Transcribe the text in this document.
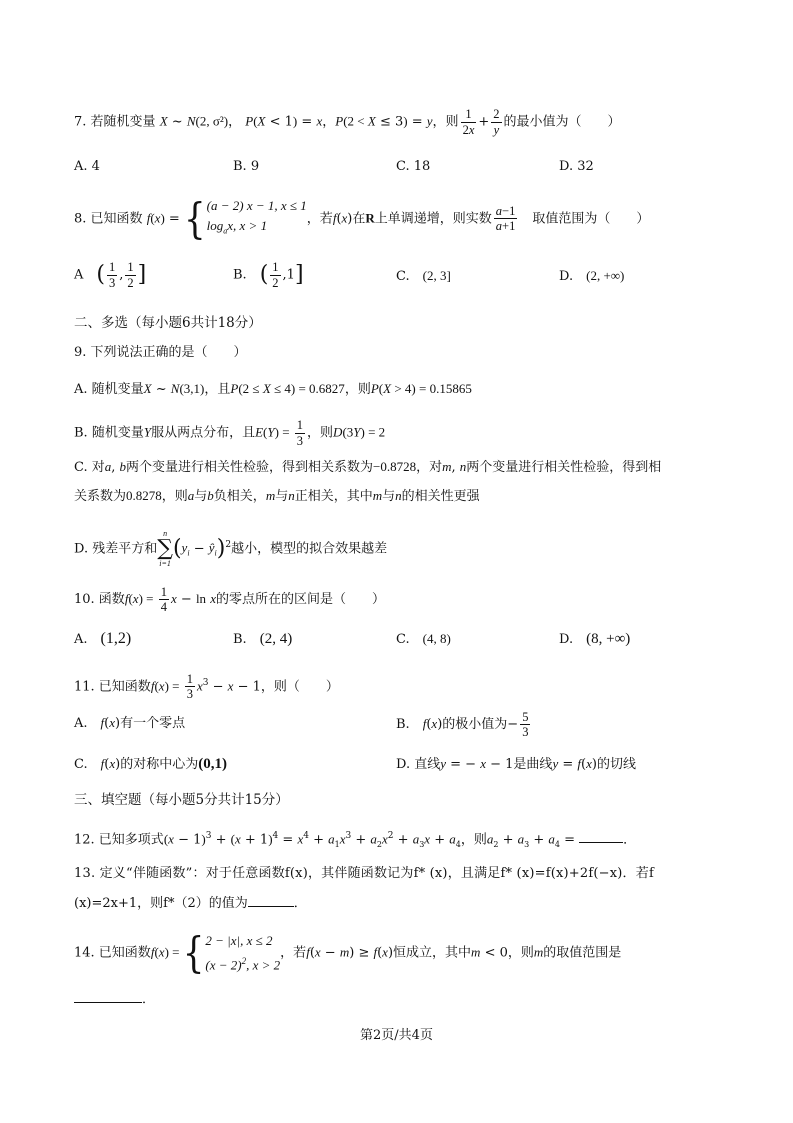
7. 若随机变量 X ~ N(2, σ²)， P(X < 1) = x，P(2 < X ≤ 3) = y，则 $\frac{1}{2x} + \frac{2}{y}$ 的最小值为（　　）
A. 4	B. 9	C. 18	D. 32
8. 已知函数 f(x) = { (a − 2) x − 1, x ≤ 1
$\log_ax$, x > 1	，若f(x)在R上单调递增，则实数 $\frac{a-1}{a+1}$ 　取值范围为（　　）
A　 ( $\frac{1}{3}$ , $\frac{1}{2}$ ]	B.　 ( $\frac{1}{2} ,1$]	C.　 (2, 3]	D.　 (2, +∞)
二、多选（每小题6共计18分）
9. 下列说法正确的是（　　）
A. 随机变量X ~ N(3,1)，且P(2 ≤ X ≤ 4) = 0.6827，则P(X > 4) = 0.15865
B. 随机变量Y服从两点分布，且$E(Y) = \frac{1}{3}$ ，则D(3Y) = 2
C. 对a, b两个变量进行相关性检验，得到相关系数为−0.8728，对m, n两个变量进行相关性检验，得到相
关系数为0.8278，则a与b负相关，m与n正相关，其中m与n的相关性更强
D. 残差平方和
n
∑
i=1
($y_i$ − $ŷ_i)^2$越小，模型的拟合效果越差
10. 函数$f(x) = \frac{1}{4}$ x − ln x的零点所在的区间是（　　）
A.　 (1,2)	B.　 (2, 4)	C.　 (4, 8)	D.　 (8, +∞)
11. 已知函数$f(x) = \frac{1}{3} x^3 - x - 1$，则（　　）
A.　 f(x)有一个零点	B.　 f(x)的极小值为− $\frac{5}{3}$
C.　 f(x)的对称中心为(0,1)	D. 直线y = − x − 1是曲线y = f(x)的切线
三、填空题（每小题5分共计15分）
12. 已知多项式$(x - 1)^3 + (x + 1)^4 = x^4 + a_1x^3 + a_2x^2 + a_3x + a_4$，则$a_2 + a_3 + a_4$ =	．
13. 定义“伴随函数”：对于任意函数f(x)，其伴随函数记为f* (x)，且满足f* (x)=f(x)+2f(−x)．若f
(x)=2x+1，则f*（2）的值为	．
14. 已知函数f(x) = { 2 − |x|, x ≤ 2
$(x - 2)^2$, x > 2
，若f(x − m) ≥ f(x)恒成立，其中m < 0，则m的取值范围是
．
第2页/共4页
